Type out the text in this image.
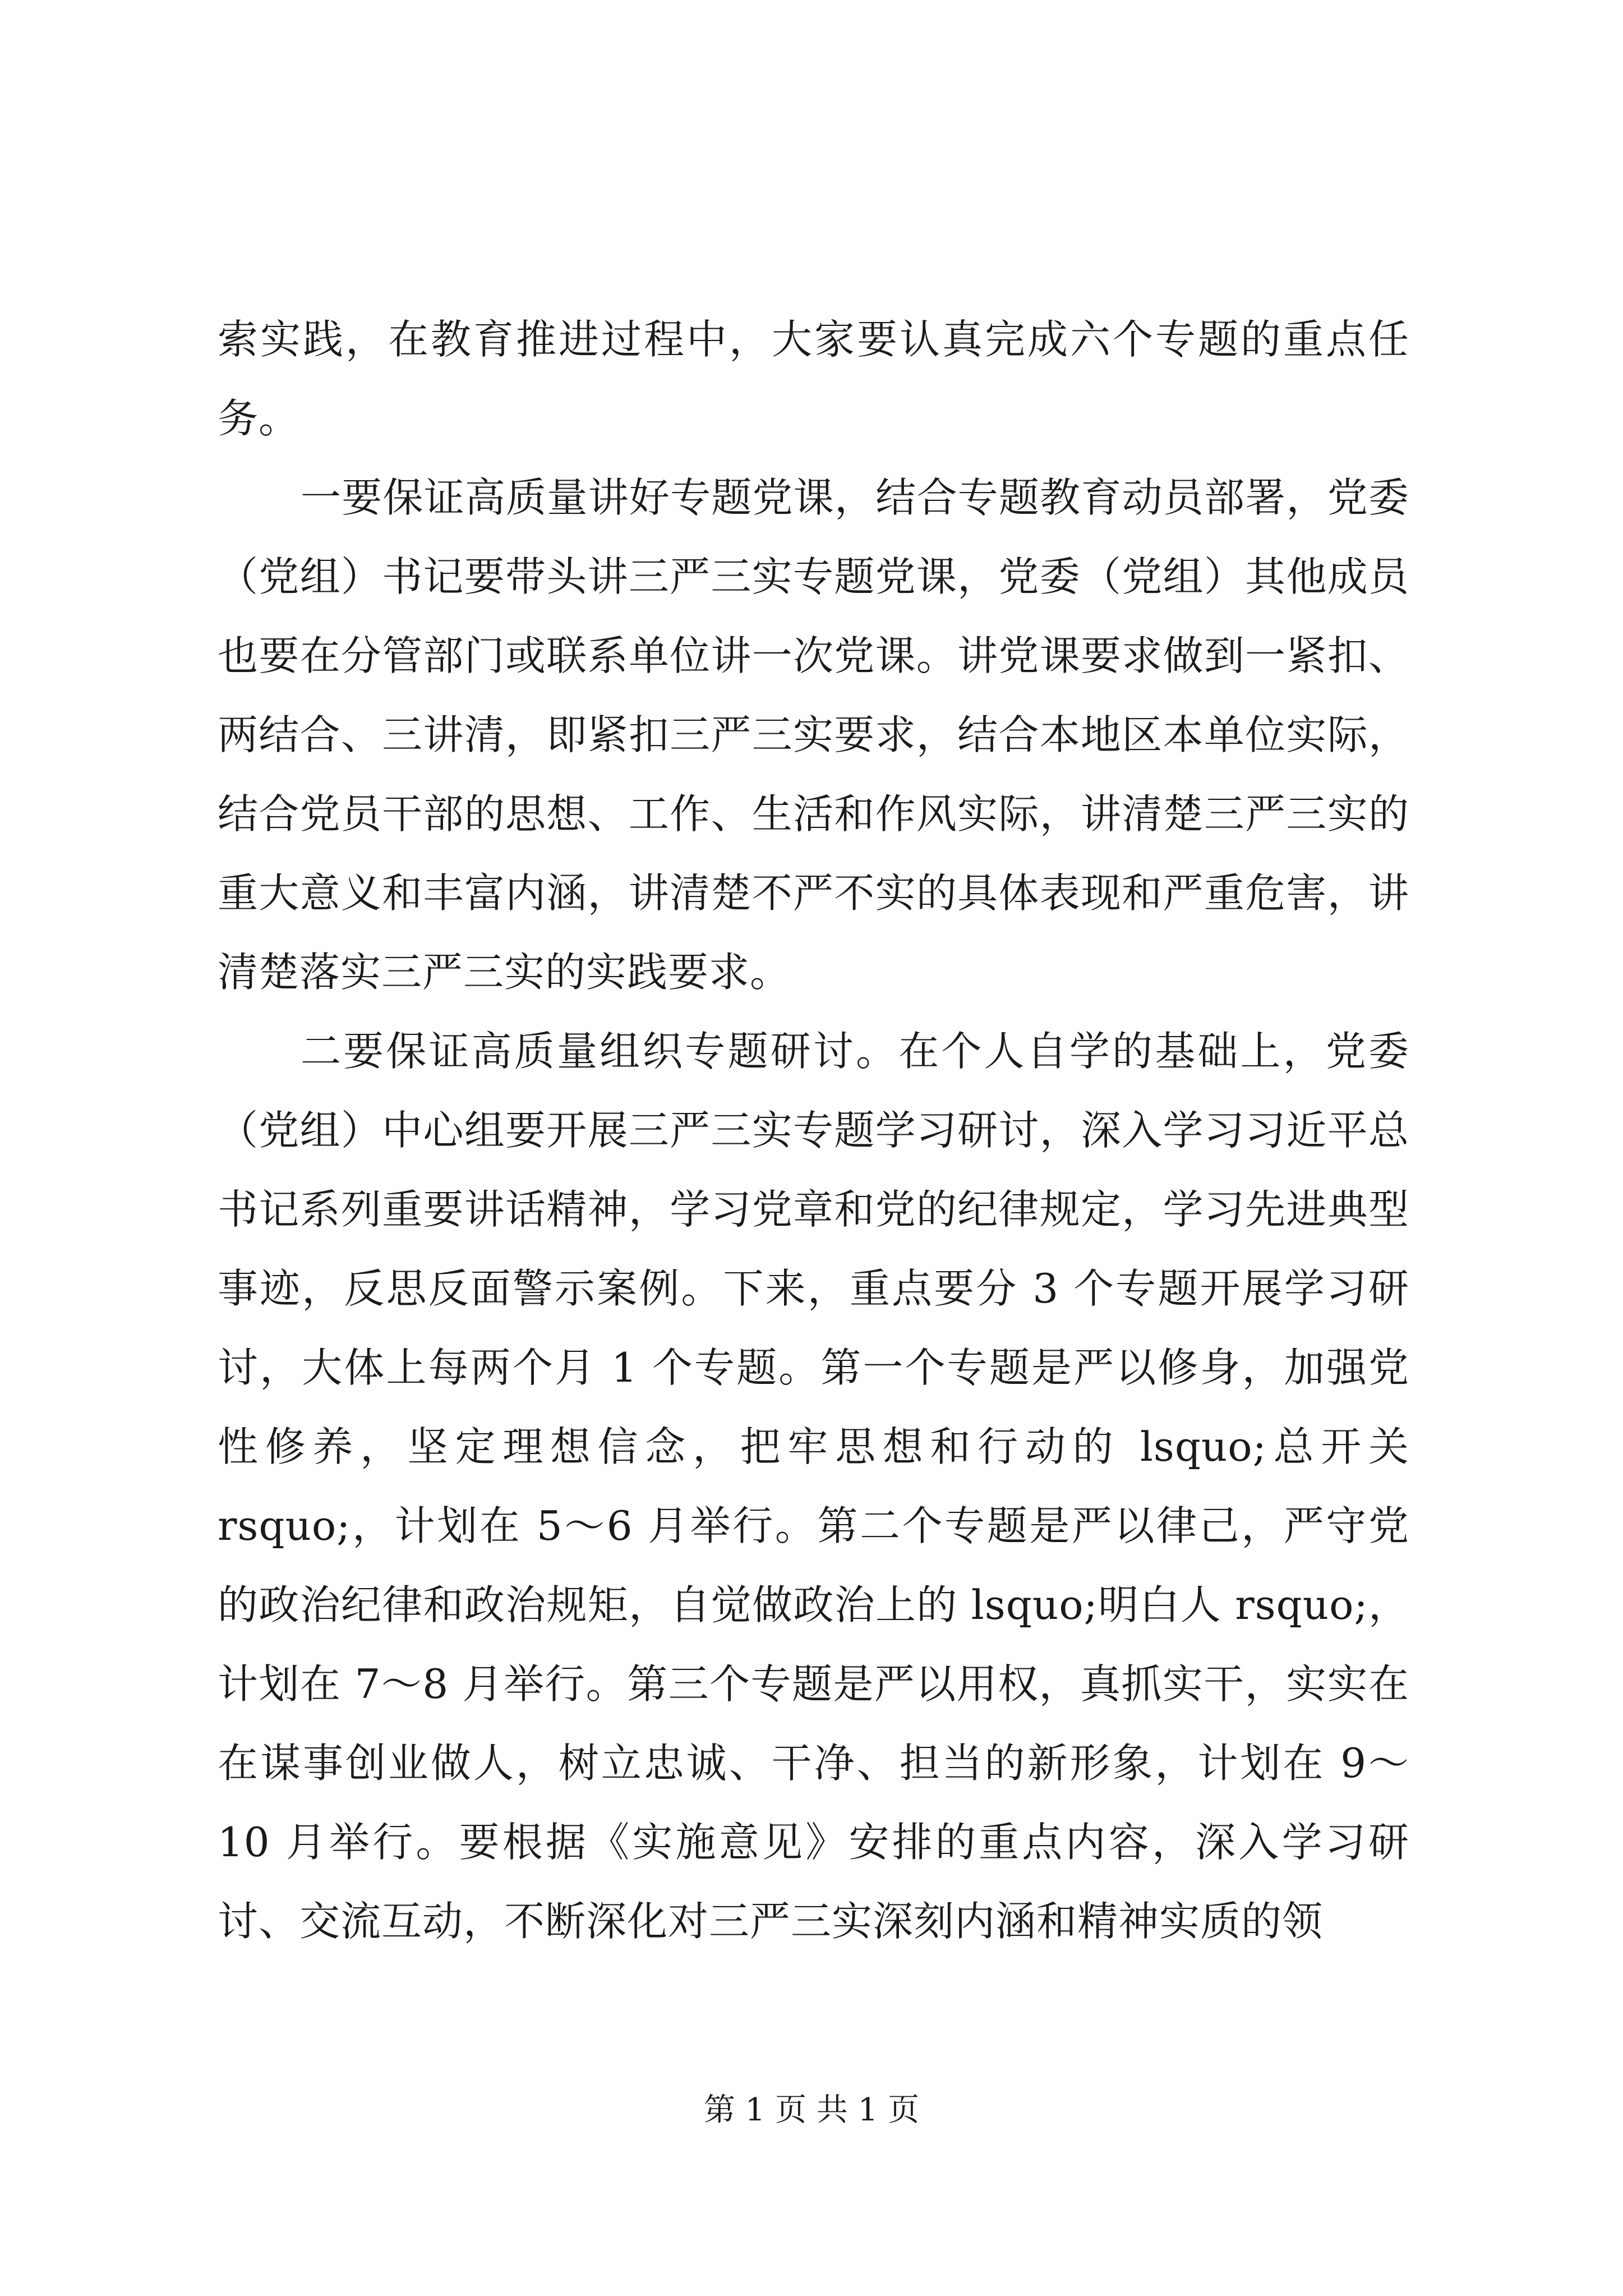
索实践，在教育推进过程中，大家要认真完成六个专题的重点任务。

一要保证高质量讲好专题党课，结合专题教育动员部署，党委（党组）书记要带头讲三严三实专题党课，党委（党组）其他成员也要在分管部门或联系单位讲一次党课。讲党课要求做到一紧扣、两结合、三讲清，即紧扣三严三实要求，结合本地区本单位实际，结合党员干部的思想、工作、生活和作风实际，讲清楚三严三实的重大意义和丰富内涵，讲清楚不严不实的具体表现和严重危害，讲清楚落实三严三实的实践要求。

二要保证高质量组织专题研讨。在个人自学的基础上，党委（党组）中心组要开展三严三实专题学习研讨，深入学习习近平总书记系列重要讲话精神，学习党章和党的纪律规定，学习先进典型事迹，反思反面警示案例。下来，重点要分 3 个专题开展学习研讨，大体上每两个月 1 个专题。第一个专题是严以修身，加强党性修养，坚定理想信念，把牢思想和行动的 lsquo;总开关 rsquo;，计划在 5～6 月举行。第二个专题是严以律己，严守党的政治纪律和政治规矩，自觉做政治上的 lsquo;明白人 rsquo;，计划在 7～8 月举行。第三个专题是严以用权，真抓实干，实实在在谋事创业做人，树立忠诚、干净、担当的新形象，计划在 9～10 月举行。要根据《实施意见》安排的重点内容，深入学习研讨、交流互动，不断深化对三严三实深刻内涵和精神实质的领

第 1 页 共 1 页
